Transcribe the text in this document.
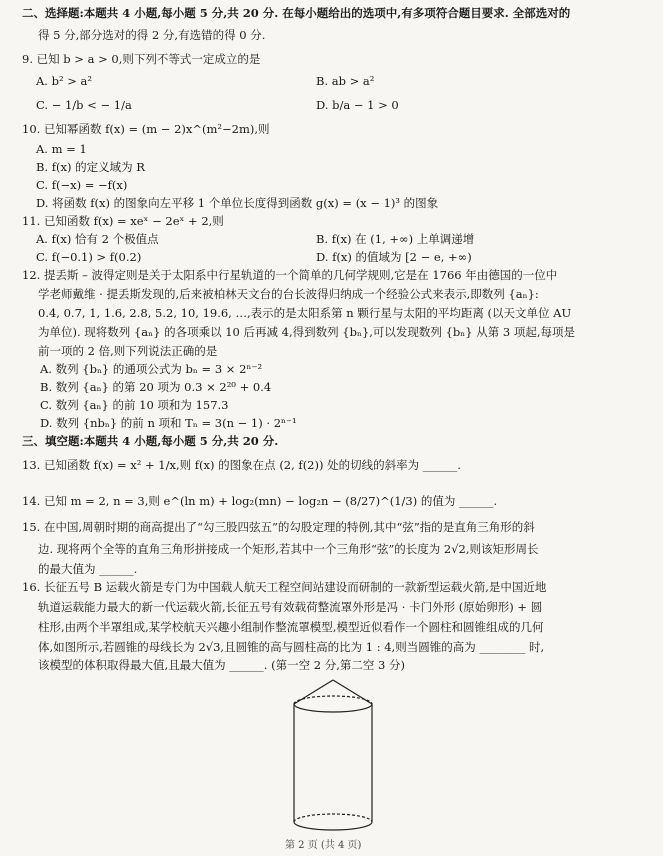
二、选择题:本题共 4 小题,每小题 5 分,共 20 分. 在每小题给出的选项中,有多项符合题目要求. 全部选对的
得 5 分,部分选对的得 2 分,有选错的得 0 分.
9. 已知 b > a > 0,则下列不等式一定成立的是
A. b² > a²	B. ab > a²
C. − 1/b < − 1/a	D. b/a − 1 > 0
10. 已知幂函数 f(x) = (m − 2)x^(m²−2m),则
A. m = 1
B. f(x) 的定义域为 R
C. f(−x) = −f(x)
D. 将函数 f(x) 的图象向左平移 1 个单位长度得到函数 g(x) = (x − 1)³ 的图象
11. 已知函数 f(x) = xeˣ − 2eˣ + 2,则
A. f(x) 恰有 2 个极值点	B. f(x) 在 (1, +∞) 上单调递增
C. f(−0.1) > f(0.2)	D. f(x) 的值域为 [2 − e, +∞)
12. 提丢斯 – 波得定则是关于太阳系中行星轨道的一个简单的几何学规则,它是在 1766 年由德国的一位中
学老师戴维 · 提丢斯发现的,后来被柏林天文台的台长波得归纳成一个经验公式来表示,即数列 {aₙ}:
0.4, 0.7, 1, 1.6, 2.8, 5.2, 10, 19.6, …,表示的是太阳系第 n 颗行星与太阳的平均距离 (以天文单位 AU
为单位). 现将数列 {aₙ} 的各项乘以 10 后再减 4,得到数列 {bₙ},可以发现数列 {bₙ} 从第 3 项起,每项是
前一项的 2 倍,则下列说法正确的是
A. 数列 {bₙ} 的通项公式为 bₙ = 3 × 2ⁿ⁻²
B. 数列 {aₙ} 的第 20 项为 0.3 × 2²⁰ + 0.4
C. 数列 {aₙ} 的前 10 项和为 157.3
D. 数列 {nbₙ} 的前 n 项和 Tₙ = 3(n − 1) · 2ⁿ⁻¹
三、填空题:本题共 4 小题,每小题 5 分,共 20 分.
13. 已知函数 f(x) = x² + 1/x,则 f(x) 的图象在点 (2, f(2)) 处的切线的斜率为 ______.
14. 已知 m = 2, n = 3,则 e^(ln m) + log₂(mn) − log₂n − (8/27)^(1/3) 的值为 ______.
15. 在中国,周朝时期的商高提出了“勾三股四弦五”的勾股定理的特例,其中“弦”指的是直角三角形的斜
边. 现将两个全等的直角三角形拼接成一个矩形,若其中一个三角形“弦”的长度为 2√2,则该矩形周长
的最大值为 ______.
16. 长征五号 B 运载火箭是专门为中国载人航天工程空间站建设而研制的一款新型运载火箭,是中国近地
轨道运载能力最大的新一代运载火箭,长征五号有效载荷整流罩外形是冯 · 卡门外形 (原始卵形) + 圆
柱形,由两个半罩组成,某学校航天兴趣小组制作整流罩模型,模型近似看作一个圆柱和圆锥组成的几何
体,如图所示,若圆锥的母线长为 2√3,且圆锥的高与圆柱高的比为 1 : 4,则当圆锥的高为 ________ 时,
该模型的体积取得最大值,且最大值为 ______. (第一空 2 分,第二空 3 分)
第 2 页 (共 4 页)
